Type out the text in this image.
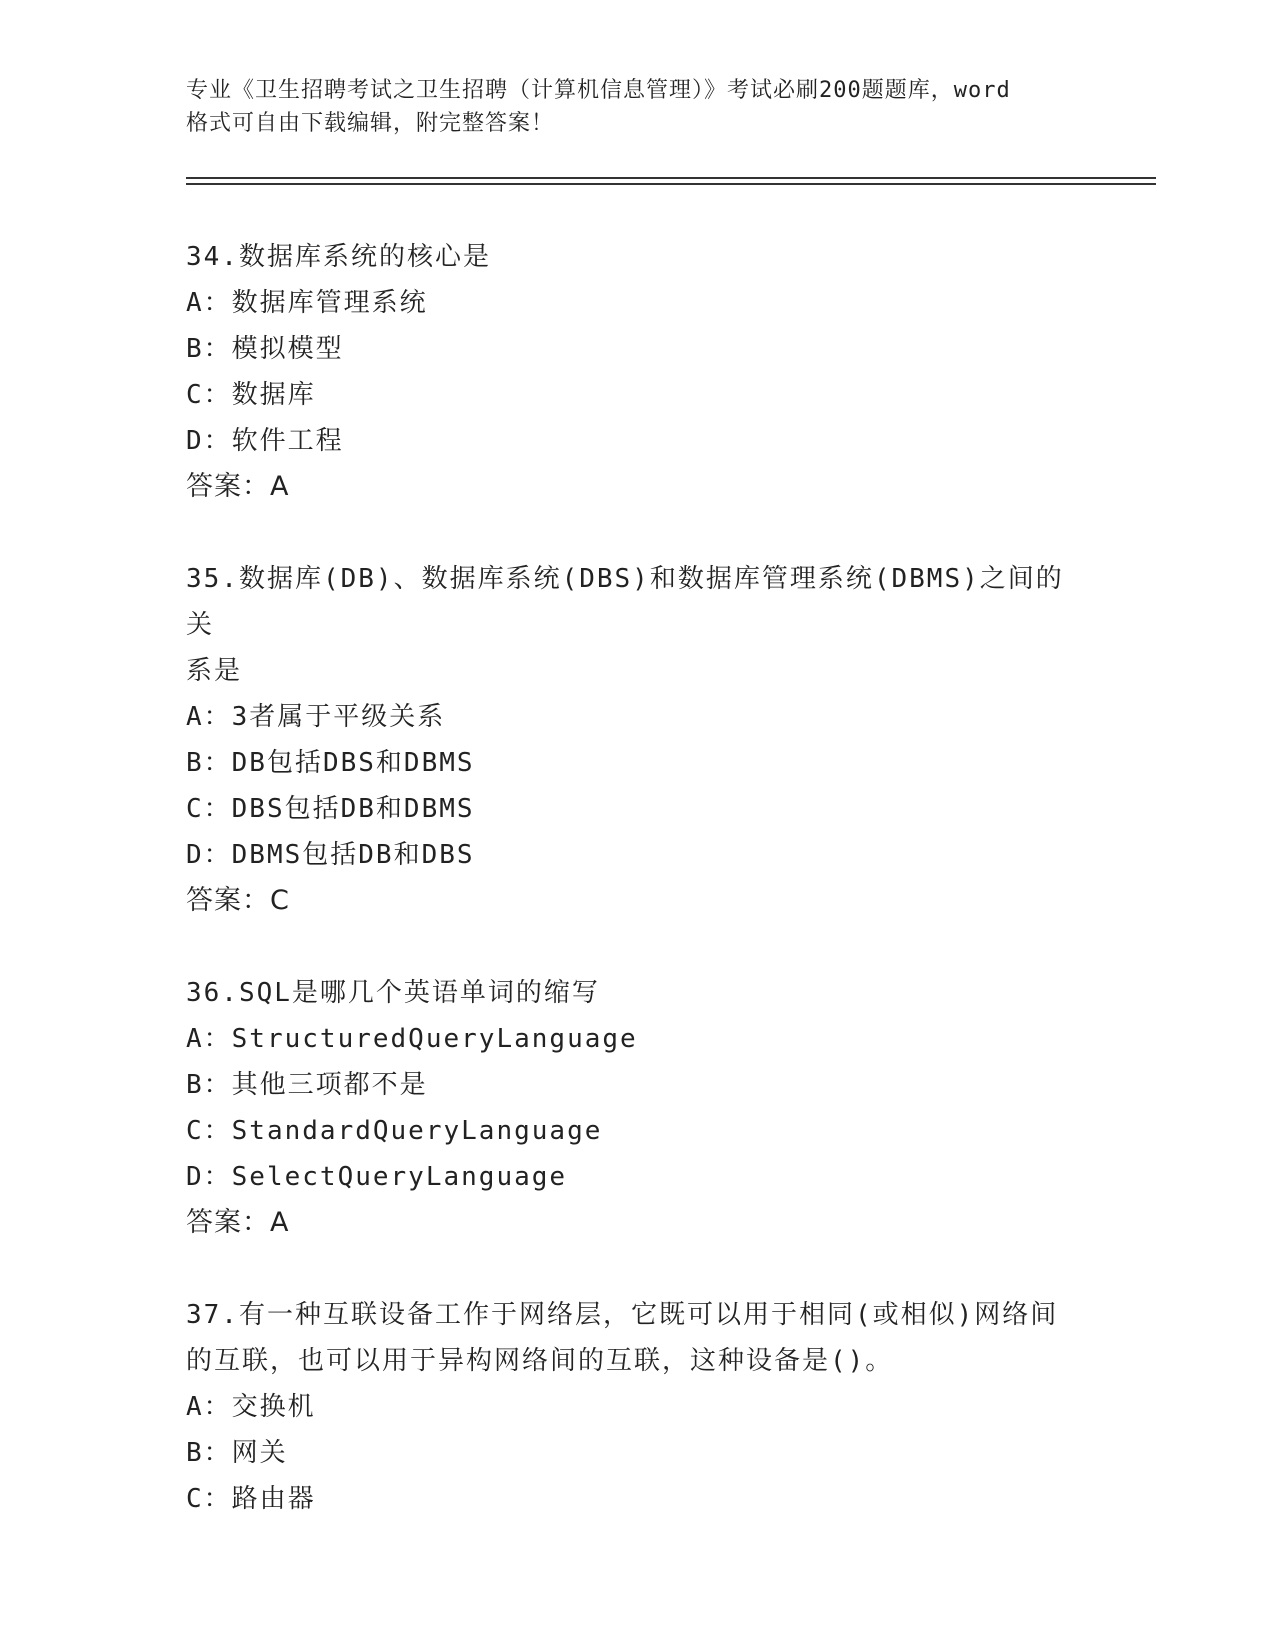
专业《卫生招聘考试之卫生招聘（计算机信息管理）》考试必刷200题题库，word
格式可自由下载编辑，附完整答案！
34.数据库系统的核心是
A：数据库管理系统
B：模拟模型
C：数据库
D：软件工程
答案：A
35.数据库(DB)、数据库系统(DBS)和数据库管理系统(DBMS)之间的关
系是
A：3者属于平级关系
B：DB包括DBS和DBMS
C：DBS包括DB和DBMS
D：DBMS包括DB和DBS
答案：C
36.SQL是哪几个英语单词的缩写
A：StructuredQueryLanguage
B：其他三项都不是
C：StandardQueryLanguage
D：SelectQueryLanguage
答案：A
37.有一种互联设备工作于网络层，它既可以用于相同(或相似)网络间
的互联，也可以用于异构网络间的互联，这种设备是()。
A：交换机
B：网关
C：路由器
